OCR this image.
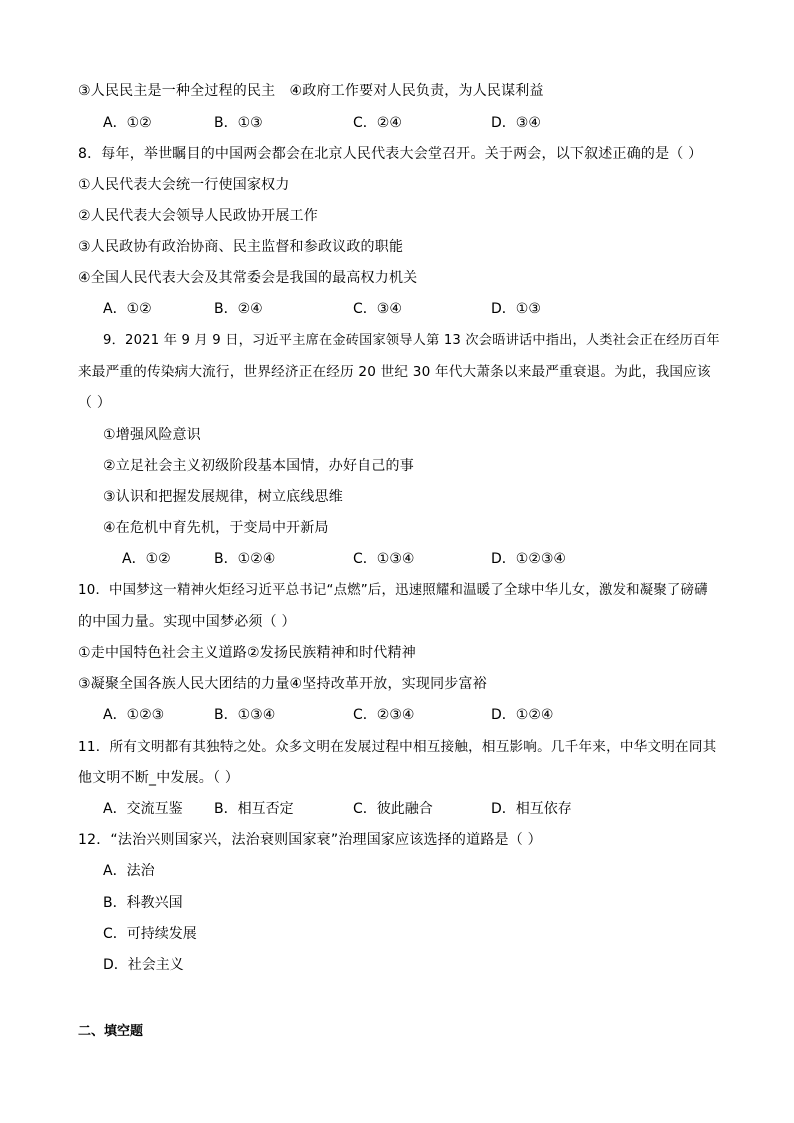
③人民民主是一种全过程的民主　④政府工作要对人民负责，为人民谋利益
A．①②	B．①③	C．②④	D．③④
8．每年，举世瞩目的中国两会都会在北京人民代表大会堂召开。关于两会，以下叙述正确的是（ ）
①人民代表大会统一行使国家权力
②人民代表大会领导人民政协开展工作
③人民政协有政治协商、民主监督和参政议政的职能
④全国人民代表大会及其常委会是我国的最高权力机关
A．①②	B．②④	C．③④	D．①③
9．2021 年 9 月 9 日，习近平主席在金砖国家领导人第 13 次会晤讲话中指出，人类社会正在经历百年
来最严重的传染病大流行，世界经济正在经历 20 世纪 30 年代大萧条以来最严重衰退。为此，我国应该
（ ）
①增强风险意识
②立足社会主义初级阶段基本国情，办好自己的事
③认识和把握发展规律，树立底线思维
④在危机中育先机，于变局中开新局
A．①②	B．①②④	C．①③④	D．①②③④
10．中国梦这一精神火炬经习近平总书记“点燃”后，迅速照耀和温暖了全球中华儿女，激发和凝聚了磅礴
的中国力量。实现中国梦必须（ ）
①走中国特色社会主义道路②发扬民族精神和时代精神
③凝聚全国各族人民大团结的力量④坚持改革开放，实现同步富裕
A．①②③	B．①③④	C．②③④	D．①②④
11．所有文明都有其独特之处。众多文明在发展过程中相互接触，相互影响。几千年来，中华文明在同其
他文明不断_中发展。（ ）
A．交流互鉴 B．相互否定	C．彼此融合	D．相互依存
12．“法治兴则国家兴，法治衰则国家衰”治理国家应该选择的道路是（ ）
A．法治
B．科教兴国
C．可持续发展
D．社会主义
二、填空题
